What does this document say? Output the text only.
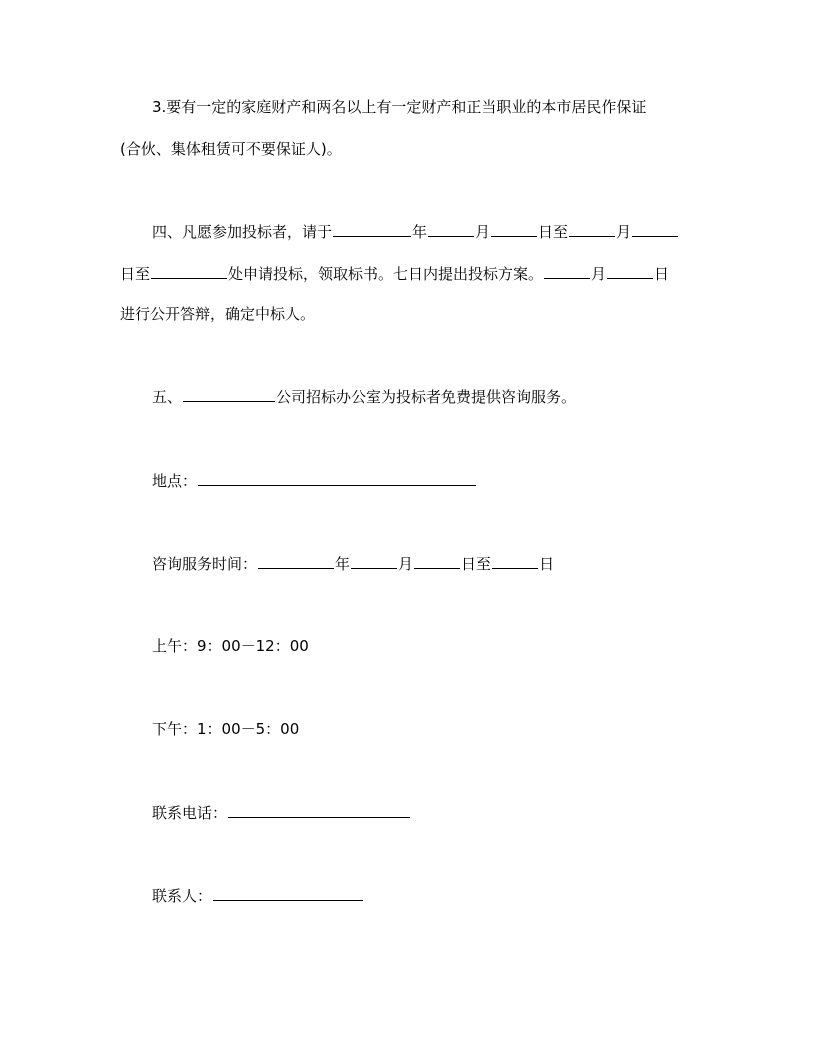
3.要有一定的家庭财产和两名以上有一定财产和正当职业的本市居民作保证
(合伙、集体租赁可不要保证人)。
四、凡愿参加投标者，请于	年	月	日至	月
日至	处申请投标，领取标书。七日内提出投标方案。	月	日
进行公开答辩，确定中标人。
五、	公司招标办公室为投标者免费提供咨询服务。
地点：
咨询服务时间：	年	月	日至	日
上午：9：00－12：00
下午：1：00－5：00
联系电话：
联系人：
